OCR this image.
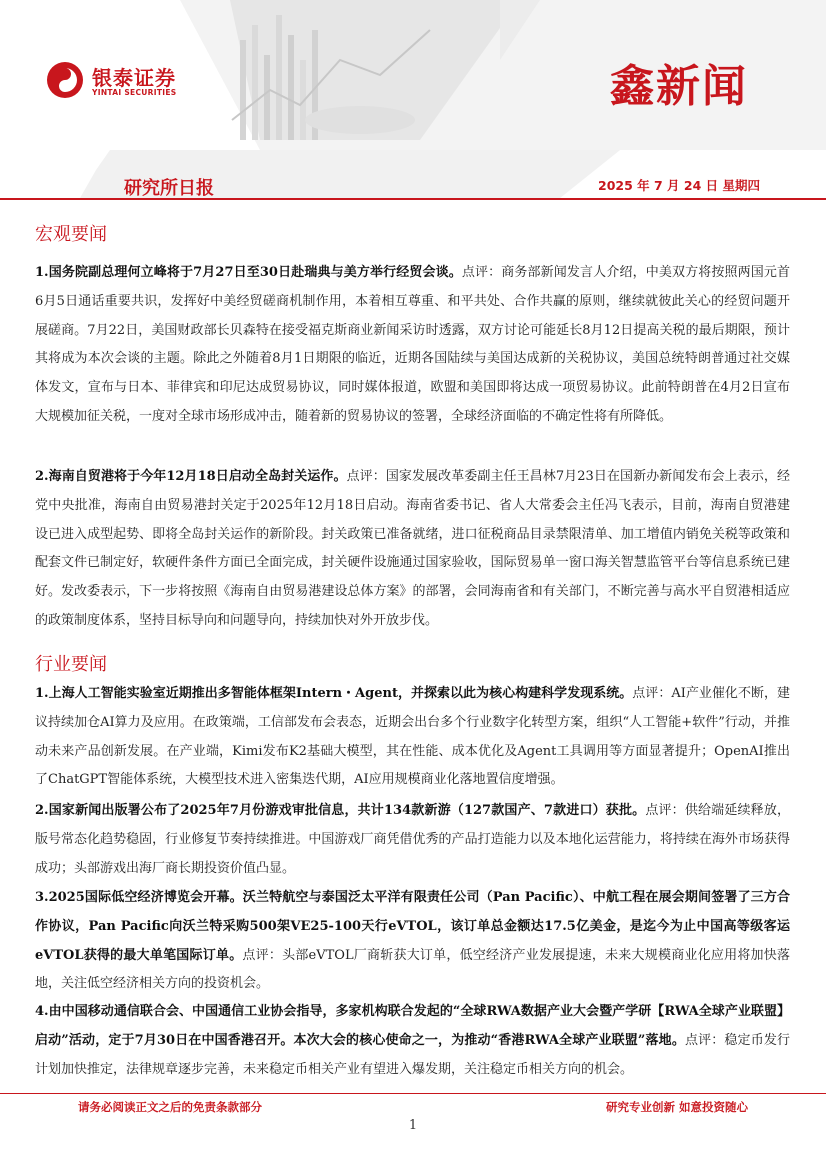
银泰证券
YINTAI SECURITIES	鑫新闻
研究所日报	2025 年 7 月 24 日 星期四
宏观要闻

1.国务院副总理何立峰将于7月27日至30日赴瑞典与美方举行经贸会谈。点评：商务部新闻发言人介绍，中美双方将按照两国元首6月5日通话重要共识，发挥好中美经贸磋商机制作用，本着相互尊重、和平共处、合作共赢的原则，继续就彼此关心的经贸问题开展磋商。7月22日，美国财政部长贝森特在接受福克斯商业新闻采访时透露，双方讨论可能延长8月12日提高关税的最后期限，预计其将成为本次会谈的主题。除此之外随着8月1日期限的临近，近期各国陆续与美国达成新的关税协议，美国总统特朗普通过社交媒体发文，宣布与日本、菲律宾和印尼达成贸易协议，同时媒体报道，欧盟和美国即将达成一项贸易协议。此前特朗普在4月2日宣布大规模加征关税，一度对全球市场形成冲击，随着新的贸易协议的签署，全球经济面临的不确定性将有所降低。

2.海南自贸港将于今年12月18日启动全岛封关运作。点评：国家发展改革委副主任王昌林7月23日在国新办新闻发布会上表示，经党中央批准，海南自由贸易港封关定于2025年12月18日启动。海南省委书记、省人大常委会主任冯飞表示，目前，海南自贸港建设已进入成型起势、即将全岛封关运作的新阶段。封关政策已准备就绪，进口征税商品目录禁限清单、加工增值内销免关税等政策和配套文件已制定好，软硬件条件方面已全面完成，封关硬件设施通过国家验收，国际贸易单一窗口海关智慧监管平台等信息系统已建好。发改委表示，下一步将按照《海南自由贸易港建设总体方案》的部署，会同海南省和有关部门，不断完善与高水平自贸港相适应的政策制度体系，坚持目标导向和问题导向，持续加快对外开放步伐。

行业要闻

1.上海人工智能实验室近期推出多智能体框架Intern・Agent，并探索以此为核心构建科学发现系统。点评：AI产业催化不断，建议持续加仓AI算力及应用。在政策端，工信部发布会表态，近期会出台多个行业数字化转型方案，组织“人工智能+软件”行动，并推动未来产品创新发展。在产业端，Kimi发布K2基础大模型，其在性能、成本优化及Agent工具调用等方面显著提升；OpenAI推出了ChatGPT智能体系统，大模型技术进入密集迭代期，AI应用规模商业化落地置信度增强。

2.国家新闻出版署公布了2025年7月份游戏审批信息，共计134款新游（127款国产、7款进口）获批。点评：供给端延续释放，版号常态化趋势稳固，行业修复节奏持续推进。中国游戏厂商凭借优秀的产品打造能力以及本地化运营能力，将持续在海外市场获得成功；头部游戏出海厂商长期投资价值凸显。

3.2025国际低空经济博览会开幕。沃兰特航空与泰国泛太平洋有限责任公司（Pan Pacific）、中航工程在展会期间签署了三方合作协议，Pan Pacific向沃兰特采购500架VE25-100天行eVTOL，该订单总金额达17.5亿美金，是迄今为止中国高等级客运eVTOL获得的最大单笔国际订单。点评：头部eVTOL厂商斩获大订单，低空经济产业发展提速，未来大规模商业化应用将加快落地，关注低空经济相关方向的投资机会。

4.由中国移动通信联合会、中国通信工业协会指导，多家机构联合发起的“全球RWA数据产业大会暨产学研【RWA全球产业联盟】启动”活动，定于7月30日在中国香港召开。本次大会的核心使命之一，为推动“香港RWA全球产业联盟”落地。点评：稳定币发行计划加快推定，法律规章逐步完善，未来稳定币相关产业有望进入爆发期，关注稳定币相关方向的机会。

请务必阅读正文之后的免责条款部分	研究专业创新 如意投资随心
1
